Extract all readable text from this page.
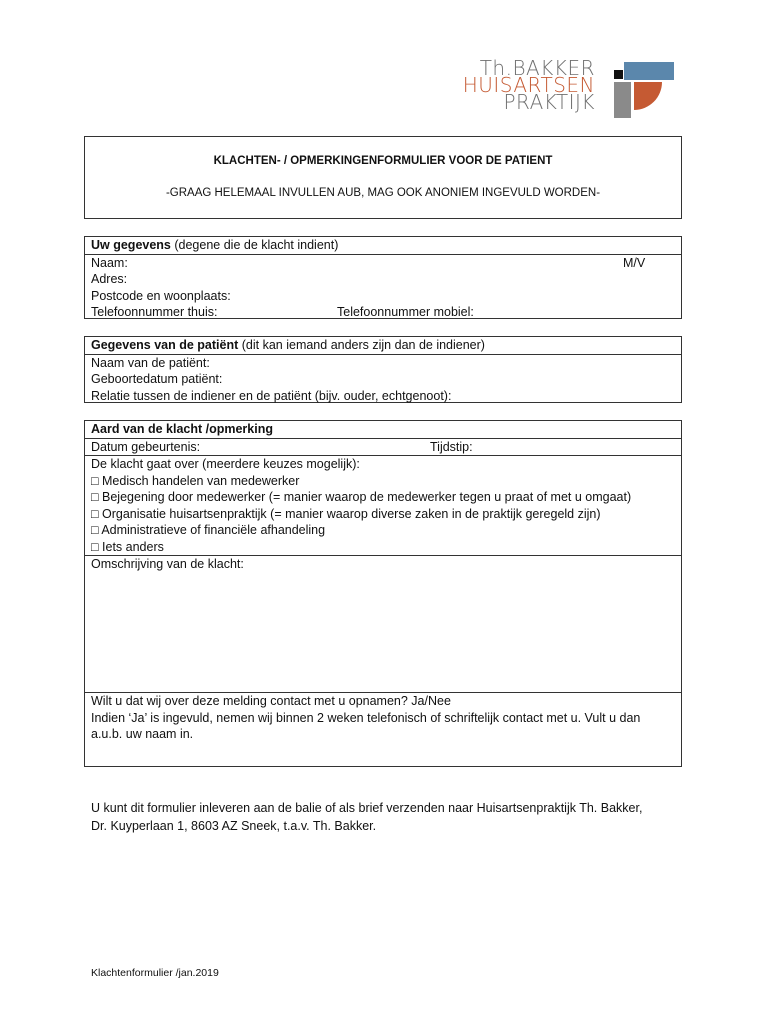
Th.BAKKER
HUISARTSEN
PRAKTIJK
KLACHTEN- / OPMERKINGENFORMULIER VOOR DE PATIENT
-GRAAG HELEMAAL INVULLEN AUB, MAG OOK ANONIEM INGEVULD WORDEN-
Uw gegevens (degene die de klacht indient)
Naam:	M/V
Adres:
Postcode en woonplaats:
Telefoonnummer thuis:	Telefoonnummer mobiel:
Gegevens van de patiënt (dit kan iemand anders zijn dan de indiener)
Naam van de patiënt:
Geboortedatum patiënt:
Relatie tussen de indiener en de patiënt (bijv. ouder, echtgenoot):
Aard van de klacht /opmerking
Datum gebeurtenis:	Tijdstip:
De klacht gaat over (meerdere keuzes mogelijk):
□ Medisch handelen van medewerker
□ Bejegening door medewerker (= manier waarop de medewerker tegen u praat of met u omgaat)
□ Organisatie huisartsenpraktijk (= manier waarop diverse zaken in de praktijk geregeld zijn)
□ Administratieve of financiële afhandeling
□ Iets anders
Omschrijving van de klacht:
Wilt u dat wij over deze melding contact met u opnamen? Ja/Nee
Indien ‘Ja’ is ingevuld, nemen wij binnen 2 weken telefonisch of schriftelijk contact met u. Vult u dan
a.u.b. uw naam in.
U kunt dit formulier inleveren aan de balie of als brief verzenden naar Huisartsenpraktijk Th. Bakker,
Dr. Kuyperlaan 1, 8603 AZ Sneek, t.a.v. Th. Bakker.
Klachtenformulier /jan.2019
